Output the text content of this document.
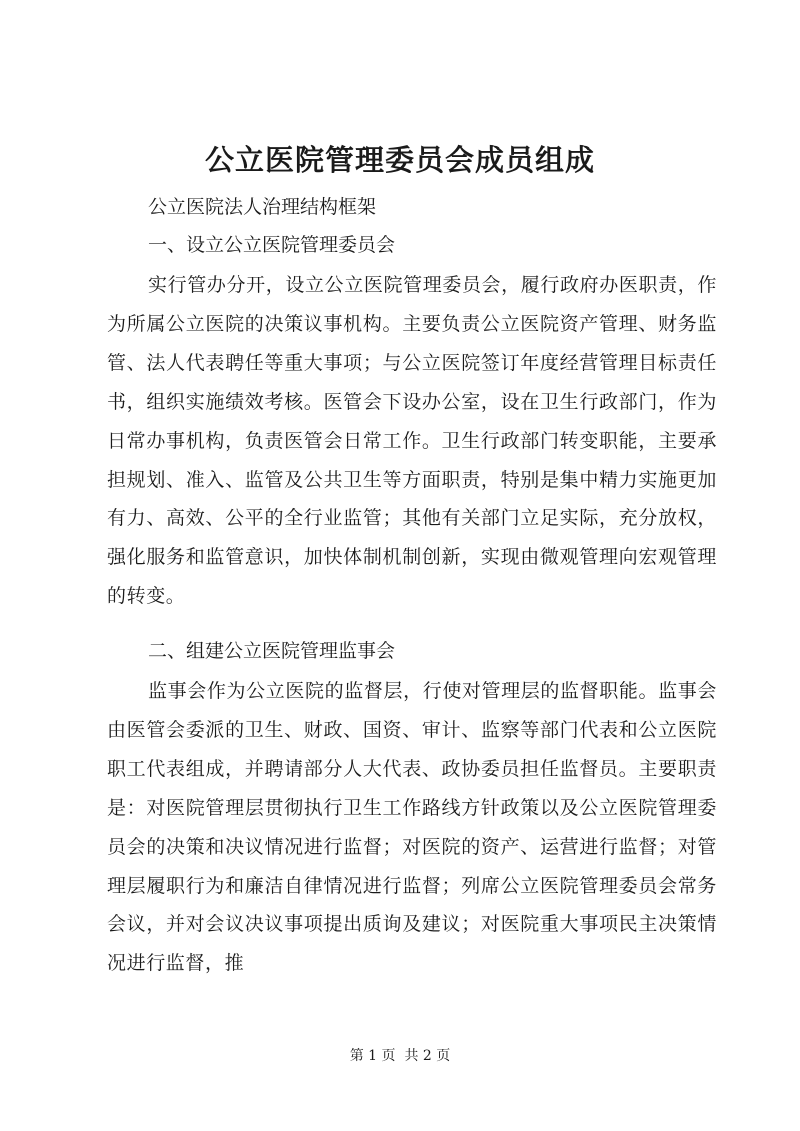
公立医院管理委员会成员组成
公立医院法人治理结构框架
一、设立公立医院管理委员会

实行管办分开，设立公立医院管理委员会，履行政府办医职责，作为所属公立医院的决策议事机构。主要负责公立医院资产管理、财务监管、法人代表聘任等重大事项；与公立医院签订年度经营管理目标责任书，组织实施绩效考核。医管会下设办公室，设在卫生行政部门，作为日常办事机构，负责医管会日常工作。卫生行政部门转变职能，主要承担规划、准入、监管及公共卫生等方面职责，特别是集中精力实施更加有力、高效、公平的全行业监管；其他有关部门立足实际，充分放权，强化服务和监管意识，加快体制机制创新，实现由微观管理向宏观管理的转变。

二、组建公立医院管理监事会

监事会作为公立医院的监督层，行使对管理层的监督职能。监事会由医管会委派的卫生、财政、国资、审计、监察等部门代表和公立医院职工代表组成，并聘请部分人大代表、政协委员担任监督员。主要职责是：对医院管理层贯彻执行卫生工作路线方针政策以及公立医院管理委员会的决策和决议情况进行监督；对医院的资产、运营进行监督；对管理层履职行为和廉洁自律情况进行监督；列席公立医院管理委员会常务会议，并对会议决议事项提出质询及建议；对医院重大事项民主决策情况进行监督，推

第 1 页  共 2 页
